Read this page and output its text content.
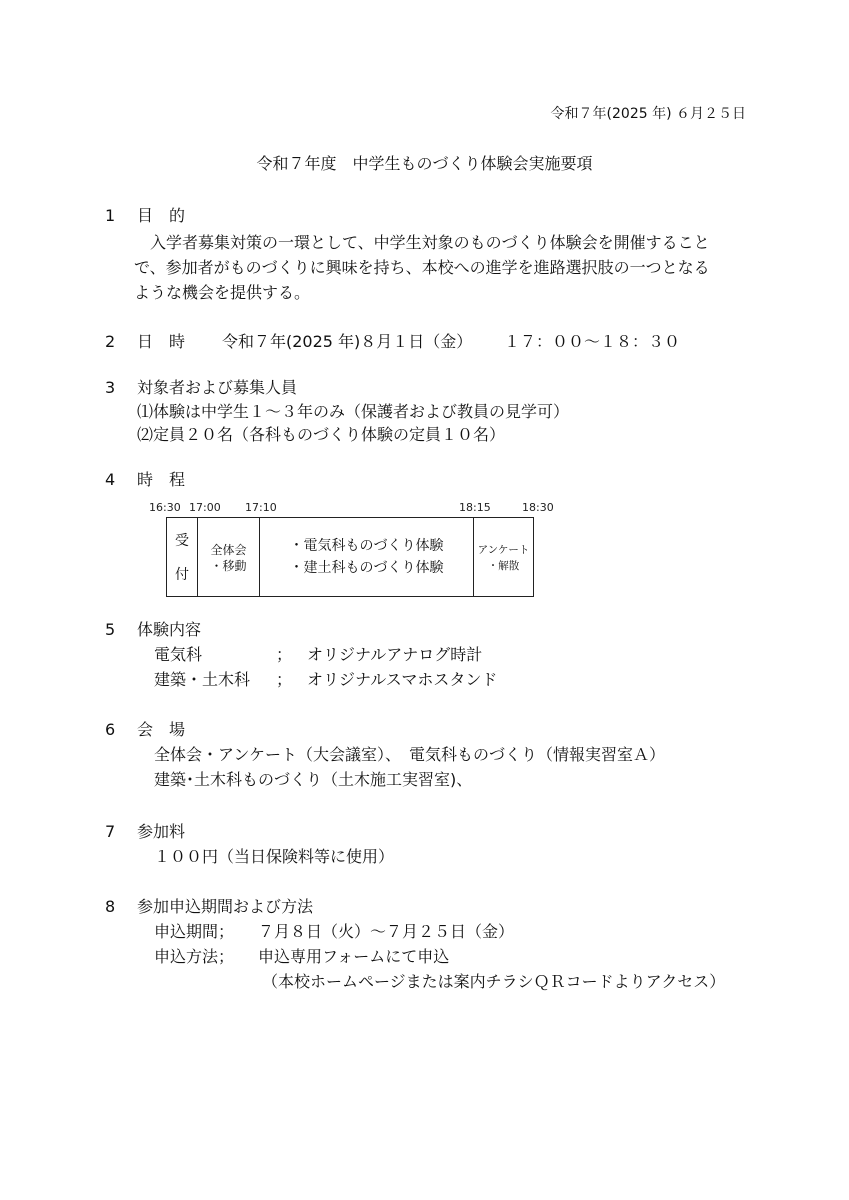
令和７年(2025 年) ６月２５日
令和７年度　中学生ものづくり体験会実施要項
1 目　的
入学者募集対策の一環として、中学生対象のものづくり体験会を開催すること
で、参加者がものづくりに興味を持ち、本校への進学を進路選択肢の一つとなる
ような機会を提供する。
2 日　時 令和７年(2025 年)８月１日（金） １７：００～１８：３０
3 対象者および募集人員
⑴体験は中学生１～３年のみ（保護者および教員の見学可）
⑵定員２０名（各科ものづくり体験の定員１０名）
4 時　程
16:30 17:00 17:10	18:15	18:30
受
付
全体会
・移動
・電気科ものづくり体験
・建土科ものづくり体験
アンケート
・解散
5 体験内容
電気科	； オリジナルアナログ時計
建築・土木科 ； オリジナルスマホスタンド
6 会　場
全体会・アンケート（大会議室）、　電気科ものづくり（情報実習室Ａ）
建築･土木科ものづくり（土木施工実習室)、
7 参加料
１００円（当日保険料等に使用）
8 参加申込期間および方法
申込期間； ７月８日（火）～７月２５日（金）
申込方法； 申込専用フォームにて申込
（本校ホームページまたは案内チラシＱＲコードよりアクセス）
